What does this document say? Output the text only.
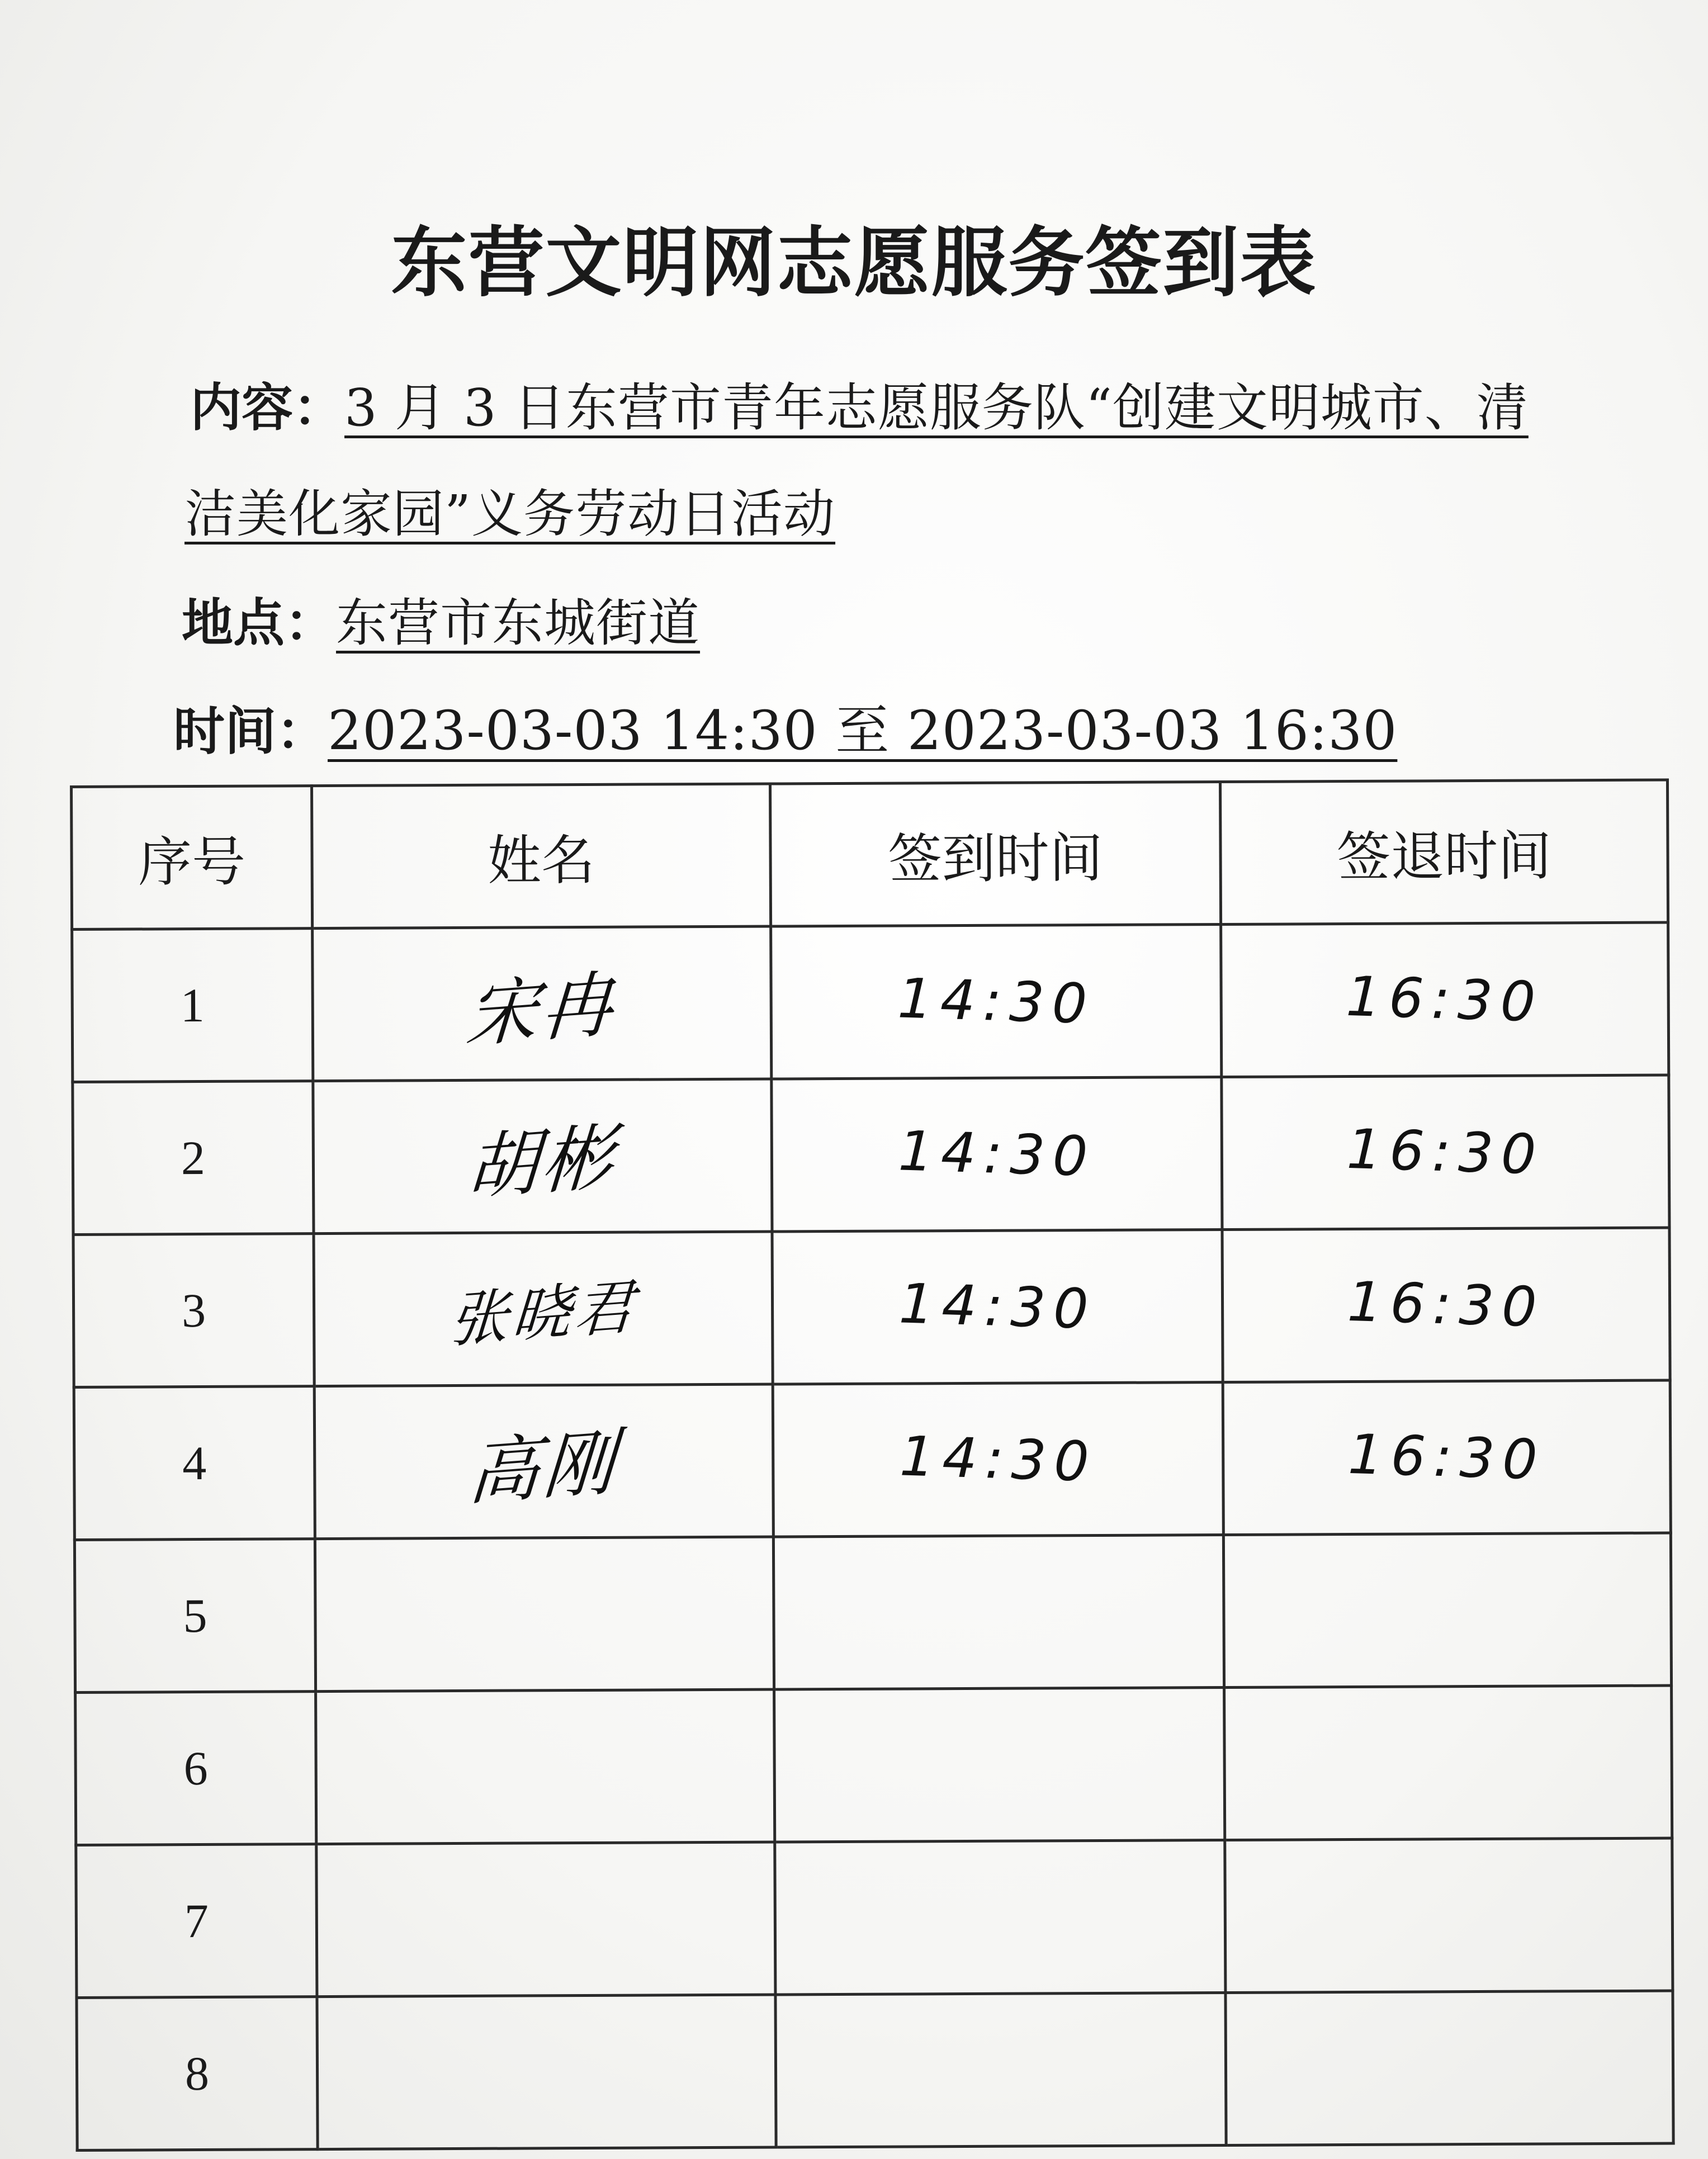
东营文明网志愿服务签到表
内容：3 月 3 日东营市青年志愿服务队“创建文明城市、清
洁美化家园”义务劳动日活动
地点：东营市东城街道
时间：2023-03-03 14:30 至 2023-03-03 16:30
序号	姓名	签到时间	签退时间
1	宋冉	14:30	16:30
2	胡彬	14:30	16:30
3	张晓君	14:30	16:30
4	高刚	14:30	16:30
5			
6			
7			
8			
